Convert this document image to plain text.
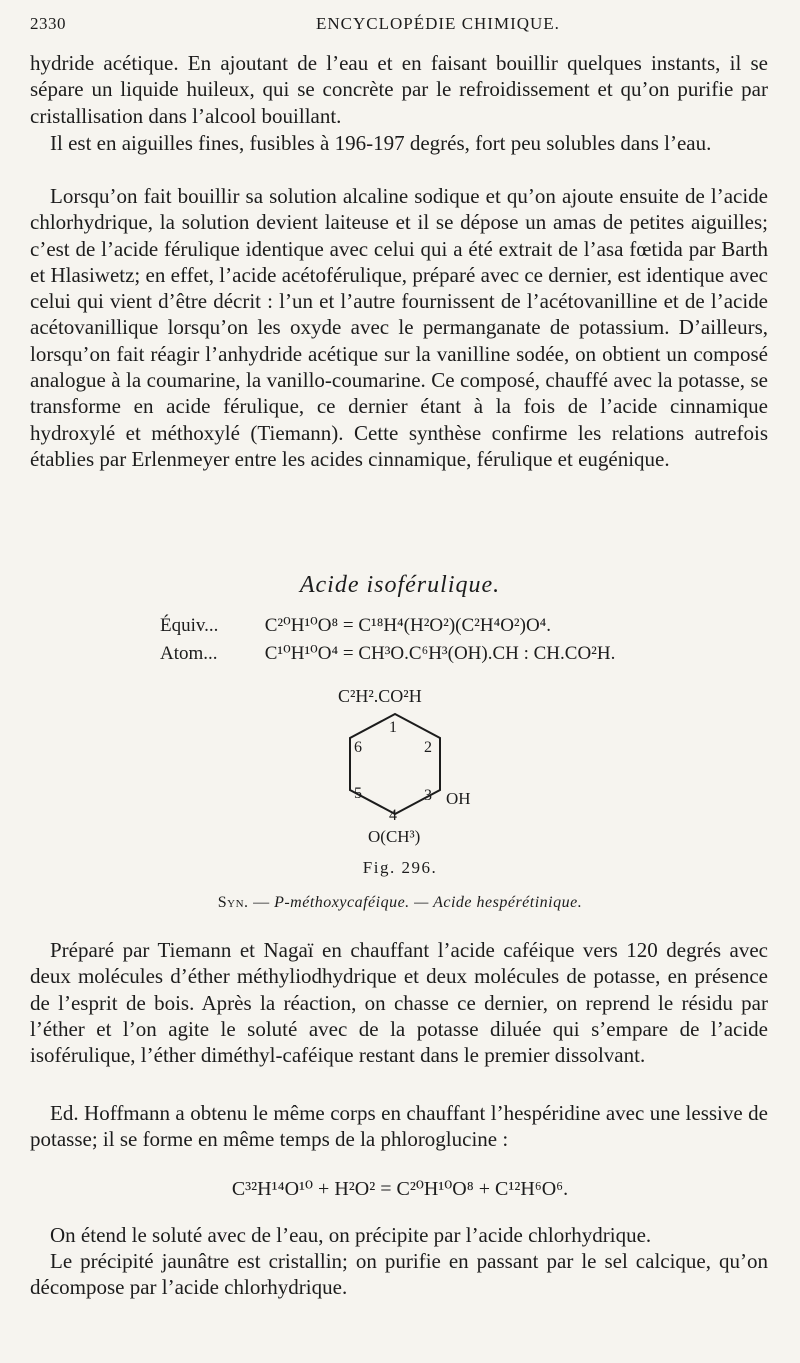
2330	ENCYCLOPÉDIE CHIMIQUE.
hydride acétique. En ajoutant de l’eau et en faisant bouillir quelques instants, il se sépare un liquide huileux, qui se concrète par le refroidissement et qu’on purifie par cristallisation dans l’alcool bouillant.
Il est en aiguilles fines, fusibles à 196-197 degrés, fort peu solubles dans l’eau.
Lorsqu’on fait bouillir sa solution alcaline sodique et qu’on ajoute ensuite de l’acide chlorhydrique, la solution devient laiteuse et il se dépose un amas de petites aiguilles; c’est de l’acide férulique identique avec celui qui a été extrait de l’asa fœtida par Barth et Hlasiwetz; en effet, l’acide acétoférulique, préparé avec ce dernier, est identique avec celui qui vient d’être décrit : l’un et l’autre fournissent de l’acétovanilline et de l’acide acétovanillique lorsqu’on les oxyde avec le permanganate de potassium. D’ailleurs, lorsqu’on fait réagir l’anhydride acétique sur la vanilline sodée, on obtient un composé analogue à la coumarine, la vanillo-coumarine. Ce composé, chauffé avec la potasse, se transforme en acide férulique, ce dernier étant à la fois de l’acide cinnamique hydroxylé et méthoxylé (Tiemann). Cette synthèse confirme les relations autrefois établies par Erlenmeyer entre les acides cinnamique, férulique et eugénique.
Acide isoférulique.
Équiv... C²⁰H¹⁰O⁸ = C¹⁸H⁴(H²O²)(C²H⁴O²)O⁴.
Atom... C¹⁰H¹⁰O⁴ = CH³O.C⁶H³(OH).CH : CH.CO²H.
C²H².CO²H
1
2
3
4
5
6
OH
O(CH³)
Fig. 296.
Syn. — P-méthoxycaféique. — Acide hespérétinique.
Préparé par Tiemann et Nagaï en chauffant l’acide caféique vers 120 degrés avec deux molécules d’éther méthyliodhydrique et deux molécules de potasse, en présence de l’esprit de bois. Après la réaction, on chasse ce dernier, on reprend le résidu par l’éther et l’on agite le soluté avec de la potasse diluée qui s’empare de l’acide isoférulique, l’éther diméthyl-caféique restant dans le premier dissolvant.
Ed. Hoffmann a obtenu le même corps en chauffant l’hespéridine avec une lessive de potasse; il se forme en même temps de la phloroglucine :
C³²H¹⁴O¹⁰ + H²O² = C²⁰H¹⁰O⁸ + C¹²H⁶O⁶.
On étend le soluté avec de l’eau, on précipite par l’acide chlorhydrique.
Le précipité jaunâtre est cristallin; on purifie en passant par le sel calcique, qu’on décompose par l’acide chlorhydrique.
